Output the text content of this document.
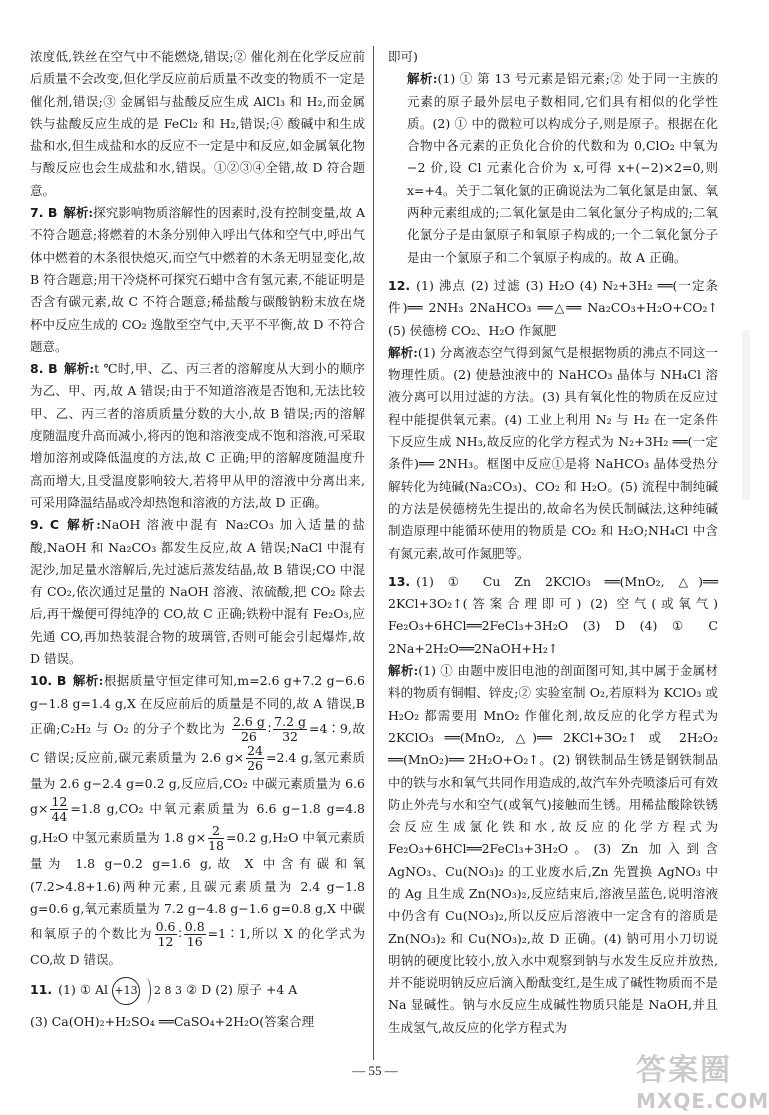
浓度低,铁丝在空气中不能燃烧,错误;② 催化剂在化学反应前后质量不会改变,但化学反应前后质量不改变的物质不一定是催化剂,错误;③ 金属铝与盐酸反应生成 AlCl₃ 和 H₂,而金属铁与盐酸反应生成的是 FeCl₂ 和 H₂,错误;④ 酸碱中和生成盐和水,但生成盐和水的反应不一定是中和反应,如金属氧化物与酸反应也会生成盐和水,错误。①②③④全错,故 D 符合题意。

7. B 解析:探究影响物质溶解性的因素时,没有控制变量,故 A 不符合题意;将燃着的木条分别伸入呼出气体和空气中,呼出气体中燃着的木条很快熄灭,而空气中燃着的木条无明显变化,故 B 符合题意;用干冷烧杯可探究石蜡中含有氢元素,不能证明是否含有碳元素,故 C 不符合题意;稀盐酸与碳酸钠粉末放在烧杯中反应生成的 CO₂ 逸散至空气中,天平不平衡,故 D 不符合题意。

8. B 解析:t ℃时,甲、乙、丙三者的溶解度从大到小的顺序为乙、甲、丙,故 A 错误;由于不知道溶液是否饱和,无法比较甲、乙、丙三者的溶质质量分数的大小,故 B 错误;丙的溶解度随温度升高而减小,将丙的饱和溶液变成不饱和溶液,可采取增加溶剂或降低温度的方法,故 C 正确;甲的溶解度随温度升高而增大,且受温度影响较大,若将甲从甲的溶液中分离出来,可采用降温结晶或冷却热饱和溶液的方法,故 D 正确。

9. C 解析:NaOH 溶液中混有 Na₂CO₃ 加入适量的盐酸,NaOH 和 Na₂CO₃ 都发生反应,故 A 错误;NaCl 中混有泥沙,加足量水溶解后,先过滤后蒸发结晶,故 B 错误;CO 中混有 CO₂,依次通过足量的 NaOH 溶液、浓硫酸,把 CO₂ 除去后,再干燥便可得纯净的 CO,故 C 正确;铁粉中混有 Fe₂O₃,应先通 CO,再加热装混合物的玻璃管,否则可能会引起爆炸,故 D 错误。

10. B 解析:根据质量守恒定律可知,m=2.6 g+7.2 g−6.6 g−1.8 g=1.4 g,X 在反应前后的质量是不同的,故 A 错误,B 正确;C₂H₂ 与 O₂ 的分子个数比为 $\frac{2.6 g}{26}$ ∶ $\frac{7.2 g}{32}$ =4∶9,故 C 错误;反应前,碳元素质量为 2.6 $g\times \frac{24}{26} =2.4$ g,氢元素质量为 2.6 g−2.4 g=0.2 g,反应后,CO₂ 中碳元素质量为 6.6 $g\times \frac{12}{44} =1.8$ g,CO₂ 中氧元素质量为 6.6 g−1.8 g=4.8 g,H₂O 中氢元素质量为 1.8 $g\times \frac{2}{18} =0.2$ g,H₂O 中氧元素质量为 1.8 g−0.2 g=1.6 g,故 X 中含有碳和氧(7.2>4.8+1.6)两种元素,且碳元素质量为 2.4 g−1.8 g=0.6 g,氧元素质量为 7.2 g−4.8 g−1.6 g=0.8 g,X 中碳和氧原子的个数比为 $\frac{0.6}{12}$ ∶ $\frac{0.8}{16}$ =1∶1,所以 X 的化学式为 CO,故 D 错误。

11. (1) ① Al +13 2 8 3 ② D (2) 原子 +4 A

(3) Ca(OH)₂+H₂SO₄ ══CaSO₄+2H₂O(答案合理

即可)

解析:(1) ① 第 13 号元素是铝元素;② 处于同一主族的元素的原子最外层电子数相同,它们具有相似的化学性质。(2) ① 中的微粒可以构成分子,则是原子。根据在化合物中各元素的正负化合价的代数和为 0,ClO₂ 中氧为 −2 价,设 Cl 元素化合价为 x,可得 x+(−2)×2=0,则 x=+4。关于二氧化氯的正确说法为二氧化氯是由氯、氧两种元素组成的;二氧化氯是由二氧化氯分子构成的;二氧化氯分子是由氯原子和氧原子构成的;一个二氧化氯分子是由一个氯原子和二个氧原子构成的。故 A 正确。

12. (1) 沸点 (2) 过滤 (3) H₂O (4) N₂+3H₂ ══(一定条件)══ 2NH₃ 2NaHCO₃ ══△══ Na₂CO₃+H₂O+CO₂↑ (5) 侯德榜 CO₂、H₂O 作氮肥

解析:(1) 分离液态空气得到氮气是根据物质的沸点不同这一物理性质。(2) 使悬浊液中的 NaHCO₃ 晶体与 NH₄Cl 溶液分离可以用过滤的方法。(3) 具有氧化性的物质在反应过程中能提供氧元素。(4) 工业上利用 N₂ 与 H₂ 在一定条件下反应生成 NH₃,故反应的化学方程式为 N₂+3H₂ ══(一定条件)══ 2NH₃。框图中反应①是将 NaHCO₃ 晶体受热分解转化为纯碱(Na₂CO₃)、CO₂ 和 H₂O。(5) 流程中制纯碱的方法是侯德榜先生提出的,故命名为侯氏制碱法,这种纯碱制造原理中能循环使用的物质是 CO₂ 和 H₂O;NH₄Cl 中含有氮元素,故可作氮肥等。

13. (1) ① Cu Zn 2KClO₃ ══(MnO₂, △)══ 2KCl+3O₂↑(答案合理即可) (2) 空气(或氧气) Fe₂O₃+6HCl══2FeCl₃+3H₂O (3) D (4) ① C 2Na+2H₂O══2NaOH+H₂↑

解析:(1) ① 由题中废旧电池的剖面图可知,其中属于金属材料的物质有铜帽、锌皮;② 实验室制 O₂,若原料为 KClO₃ 或 H₂O₂ 都需要用 MnO₂ 作催化剂,故反应的化学方程式为 2KClO₃ ══(MnO₂, △)══ 2KCl+3O₂↑ 或 2H₂O₂ ══(MnO₂)══ 2H₂O+O₂↑。(2) 钢铁制品生锈是钢铁制品中的铁与水和氧气共同作用造成的,故汽车外壳喷漆后可有效防止外壳与水和空气(或氧气)接触而生锈。用稀盐酸除铁锈会反应生成氯化铁和水,故反应的化学方程式为 Fe₂O₃+6HCl══2FeCl₃+3H₂O。(3) Zn 加入到含 AgNO₃、Cu(NO₃)₂ 的工业废水后,Zn 先置换 AgNO₃ 中的 Ag 且生成 Zn(NO₃)₂,反应结束后,溶液呈蓝色,说明溶液中仍含有 Cu(NO₃)₂,所以反应后溶液中一定含有的溶质是 Zn(NO₃)₂ 和 Cu(NO₃)₂,故 D 正确。(4) 钠可用小刀切说明钠的硬度比较小,放入水中观察到钠与水发生反应并放热,并不能说明钠反应后滴入酚酞变红,是生成了碱性物质而不是 Na 显碱性。钠与水反应生成碱性物质只能是 NaOH,并且生成氢气,故反应的化学方程式为

— 55 —	答案圈
MXQE.COM
